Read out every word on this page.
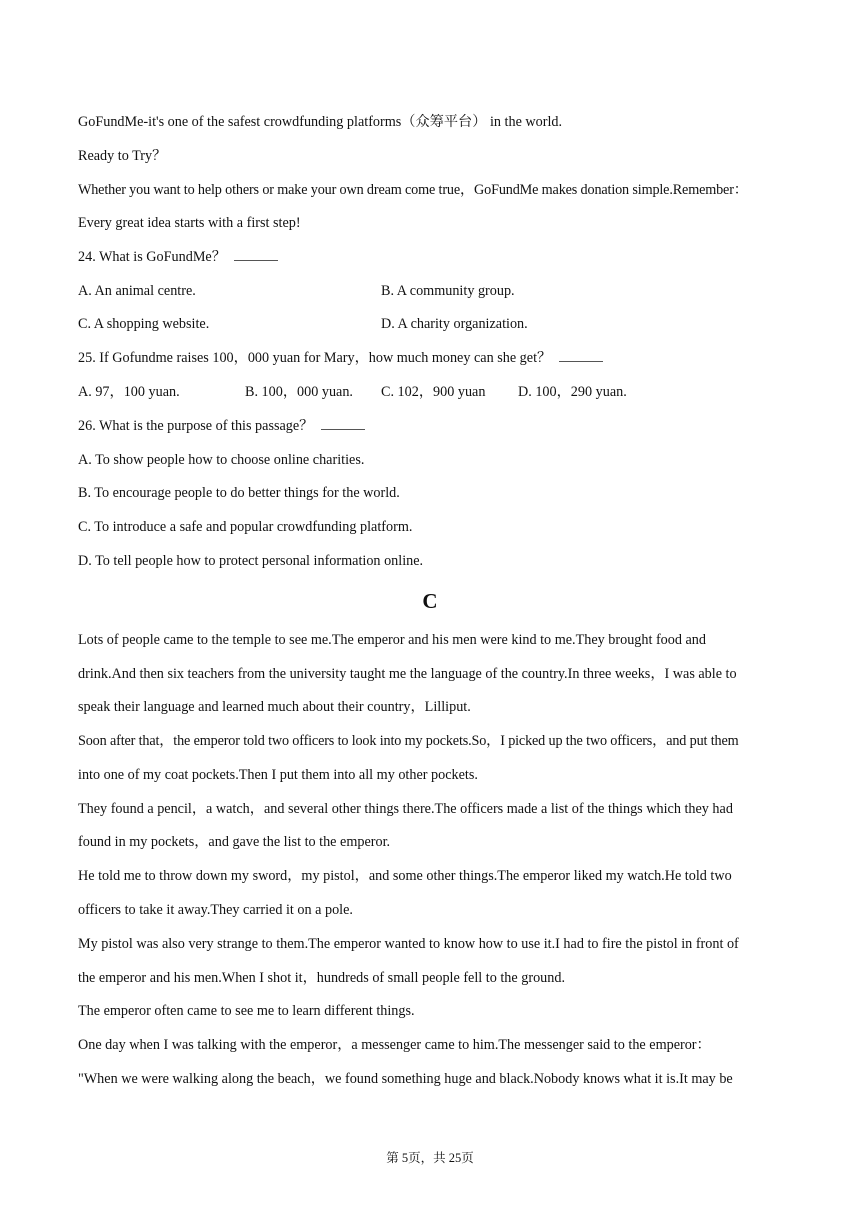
GoFundMe-it's one of the safest crowdfunding platforms（众筹平台） in the world.
Ready to Try？
Whether you want to help others or make your own dream come true，GoFundMe makes donation simple.Remember：
Every great idea starts with a first step!
24. What is GoFundMe？
A. An animal centre.	B. A community group.
C. A shopping website.	D. A charity organization.
25. If Gofundme raises 100，000 yuan for Mary，how much money can she get？
A. 97，100 yuan.	B. 100，000 yuan. C. 102，900 yuan D. 100，290 yuan.
26. What is the purpose of this passage？
A. To show people how to choose online charities.
B. To encourage people to do better things for the world.
C. To introduce a safe and popular crowdfunding platform.
D. To tell people how to protect personal information online.
C
Lots of people came to the temple to see me.The emperor and his men were kind to me.They brought food and
drink.And then six teachers from the university taught me the language of the country.In three weeks，I was able to
speak their language and learned much about their country，Lilliput.
Soon after that，the emperor told two officers to look into my pockets.So，I picked up the two officers，and put them
into one of my coat pockets.Then I put them into all my other pockets.
They found a pencil，a watch，and several other things there.The officers made a list of the things which they had
found in my pockets，and gave the list to the emperor.
He told me to throw down my sword，my pistol，and some other things.The emperor liked my watch.He told two
officers to take it away.They carried it on a pole.
My pistol was also very strange to them.The emperor wanted to know how to use it.I had to fire the pistol in front of
the emperor and his men.When I shot it，hundreds of small people fell to the ground.
The emperor often came to see me to learn different things.
One day when I was talking with the emperor，a messenger came to him.The messenger said to the emperor：
"When we were walking along the beach，we found something huge and black.Nobody knows what it is.It may be
第 5页，共 25页
